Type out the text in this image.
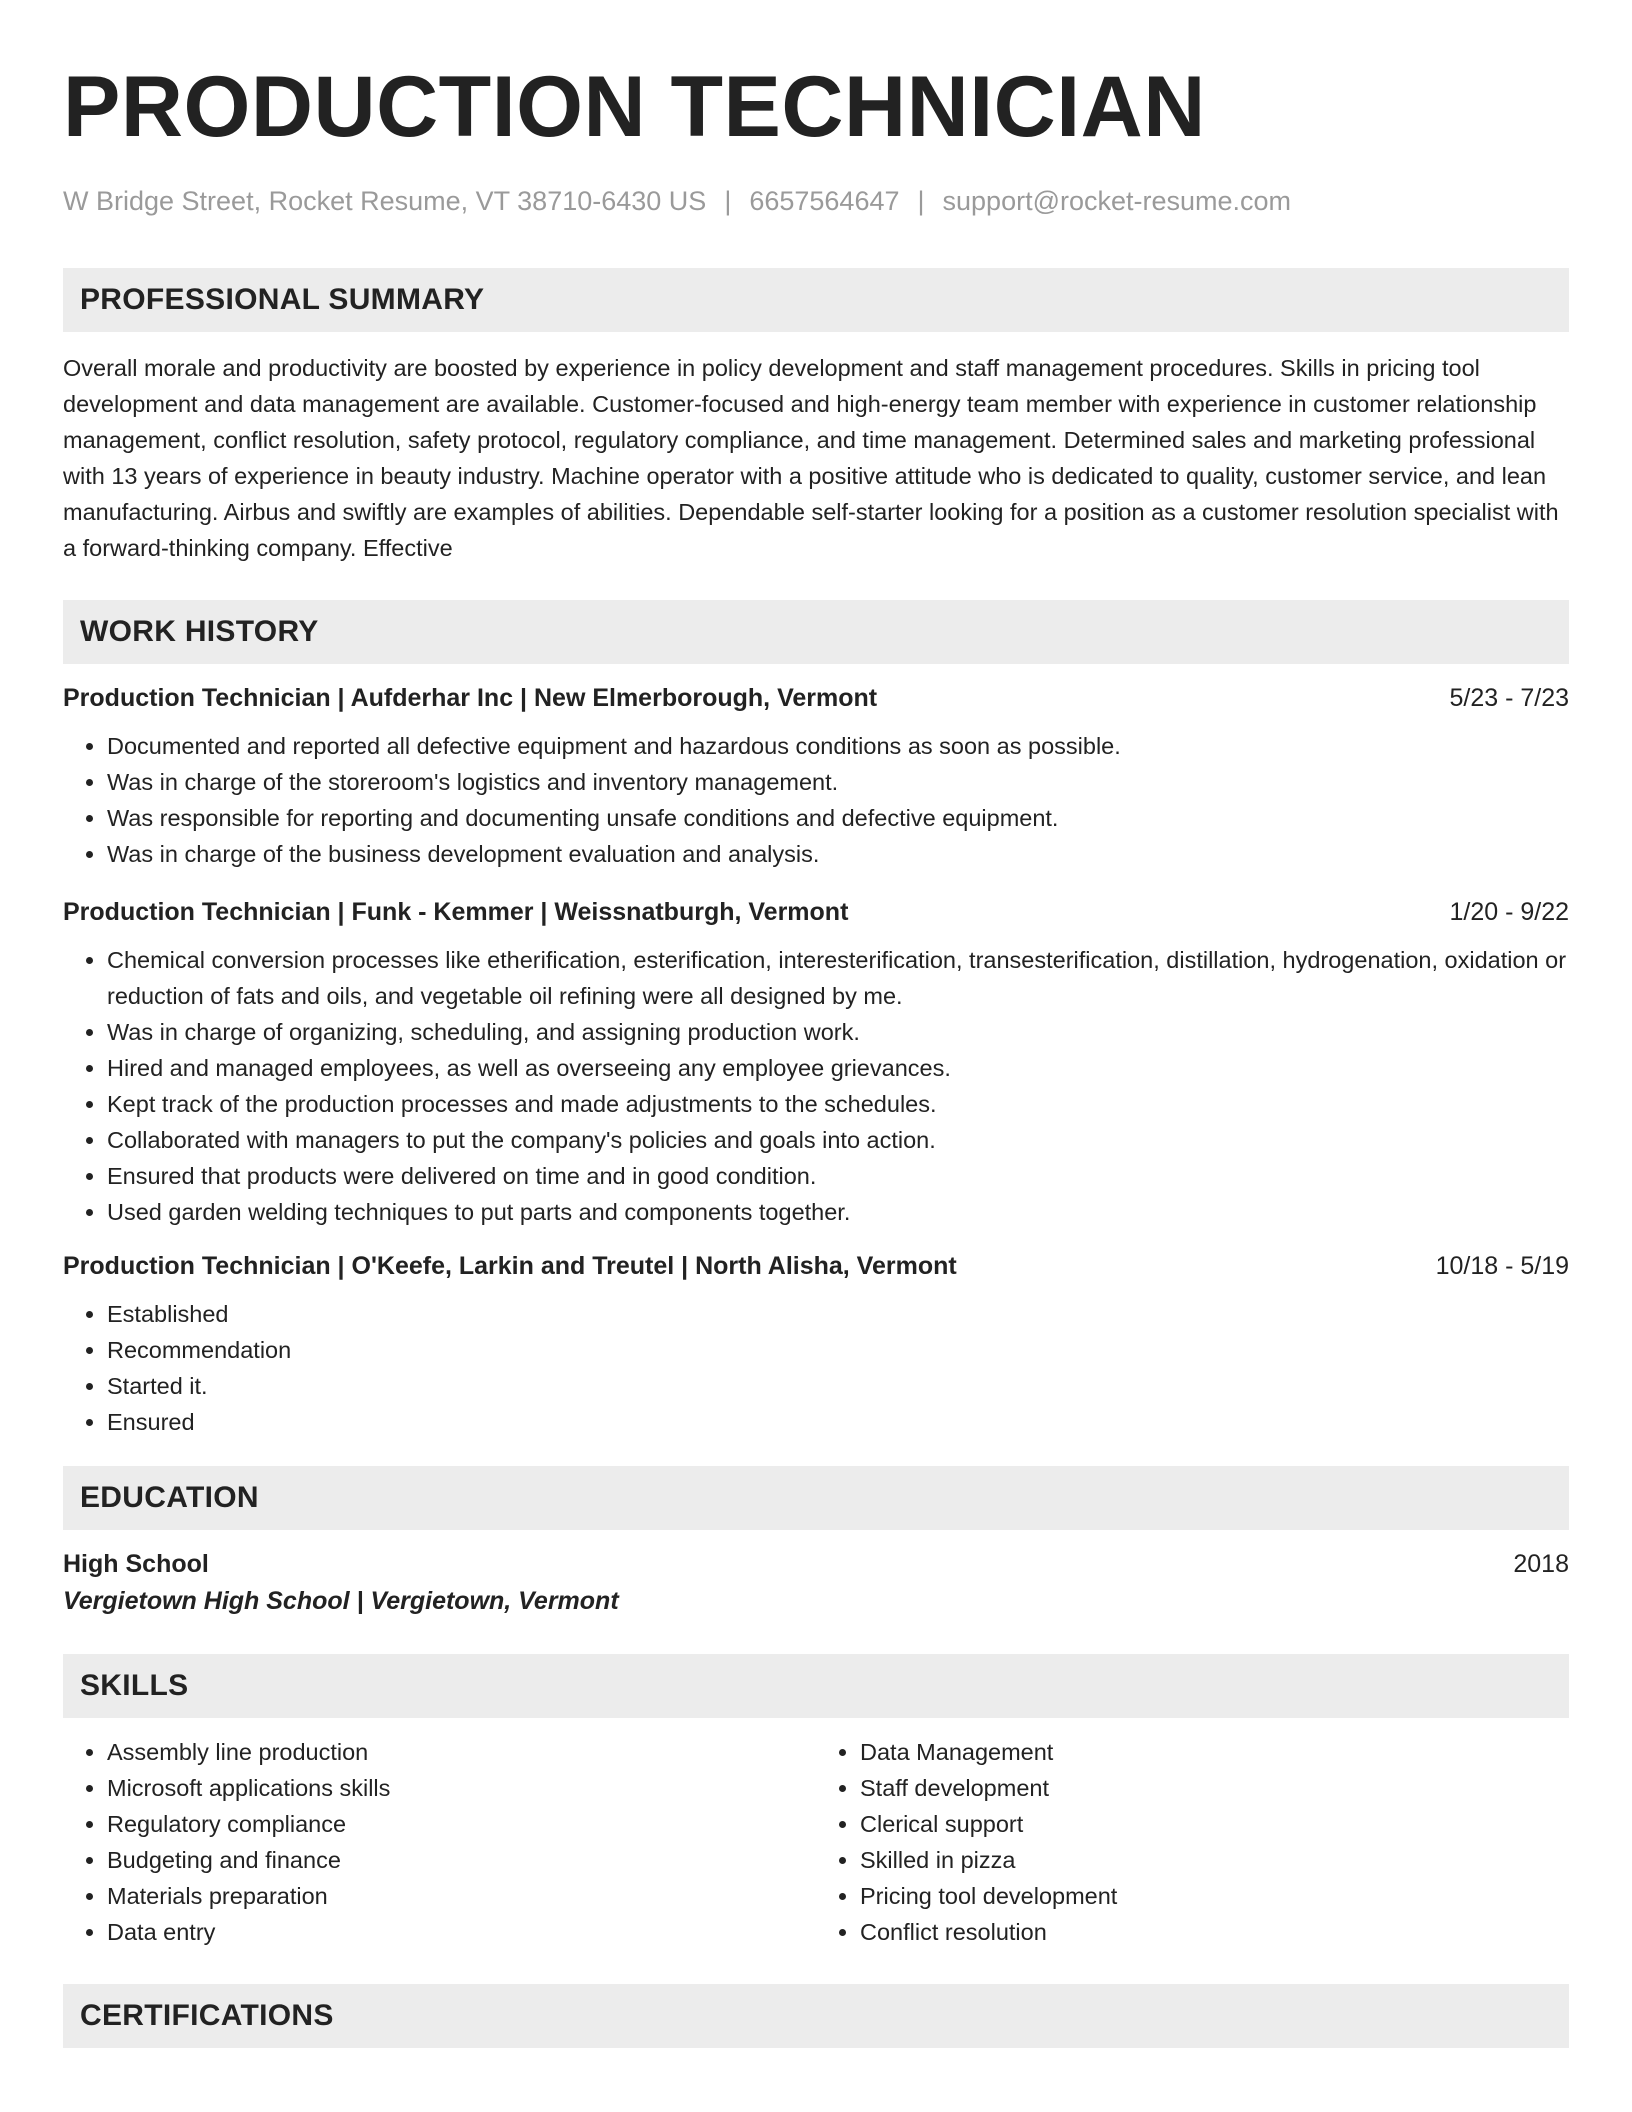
PRODUCTION TECHNICIAN
W Bridge Street, Rocket Resume, VT 38710-6430 US | 6657564647 | support@rocket-resume.com
PROFESSIONAL SUMMARY

Overall morale and productivity are boosted by experience in policy development and staff management procedures. Skills in pricing tool development and data management are available. Customer-focused and high-energy team member with experience in customer relationship management, conflict resolution, safety protocol, regulatory compliance, and time management. Determined sales and marketing professional with 13 years of experience in beauty industry. Machine operator with a positive attitude who is dedicated to quality, customer service, and lean manufacturing. Airbus and swiftly are examples of abilities. Dependable self-starter looking for a position as a customer resolution specialist with a forward-thinking company. Effective

WORK HISTORY
Production Technician | Aufderhar Inc | New Elmerborough, Vermont	5/23 - 7/23
• Documented and reported all defective equipment and hazardous conditions as soon as possible.
• Was in charge of the storeroom's logistics and inventory management.
• Was responsible for reporting and documenting unsafe conditions and defective equipment.
• Was in charge of the business development evaluation and analysis.
Production Technician | Funk - Kemmer | Weissnatburgh, Vermont	1/20 - 9/22
• Chemical conversion processes like etherification, esterification, interesterification, transesterification, distillation, hydrogenation, oxidation or reduction of fats and oils, and vegetable oil refining were all designed by me.
• Was in charge of organizing, scheduling, and assigning production work.
• Hired and managed employees, as well as overseeing any employee grievances.
• Kept track of the production processes and made adjustments to the schedules.
• Collaborated with managers to put the company's policies and goals into action.
• Ensured that products were delivered on time and in good condition.
• Used garden welding techniques to put parts and components together.
Production Technician | O'Keefe, Larkin and Treutel | North Alisha, Vermont	10/18 - 5/19
• Established
• Recommendation
• Started it.
• Ensured
EDUCATION
High School	2018
Vergietown High School | Vergietown, Vermont
SKILLS
• Assembly line production
• Microsoft applications skills
• Regulatory compliance
• Budgeting and finance
• Materials preparation
• Data entry
• Data Management
• Staff development
• Clerical support
• Skilled in pizza
• Pricing tool development
• Conflict resolution
CERTIFICATIONS
